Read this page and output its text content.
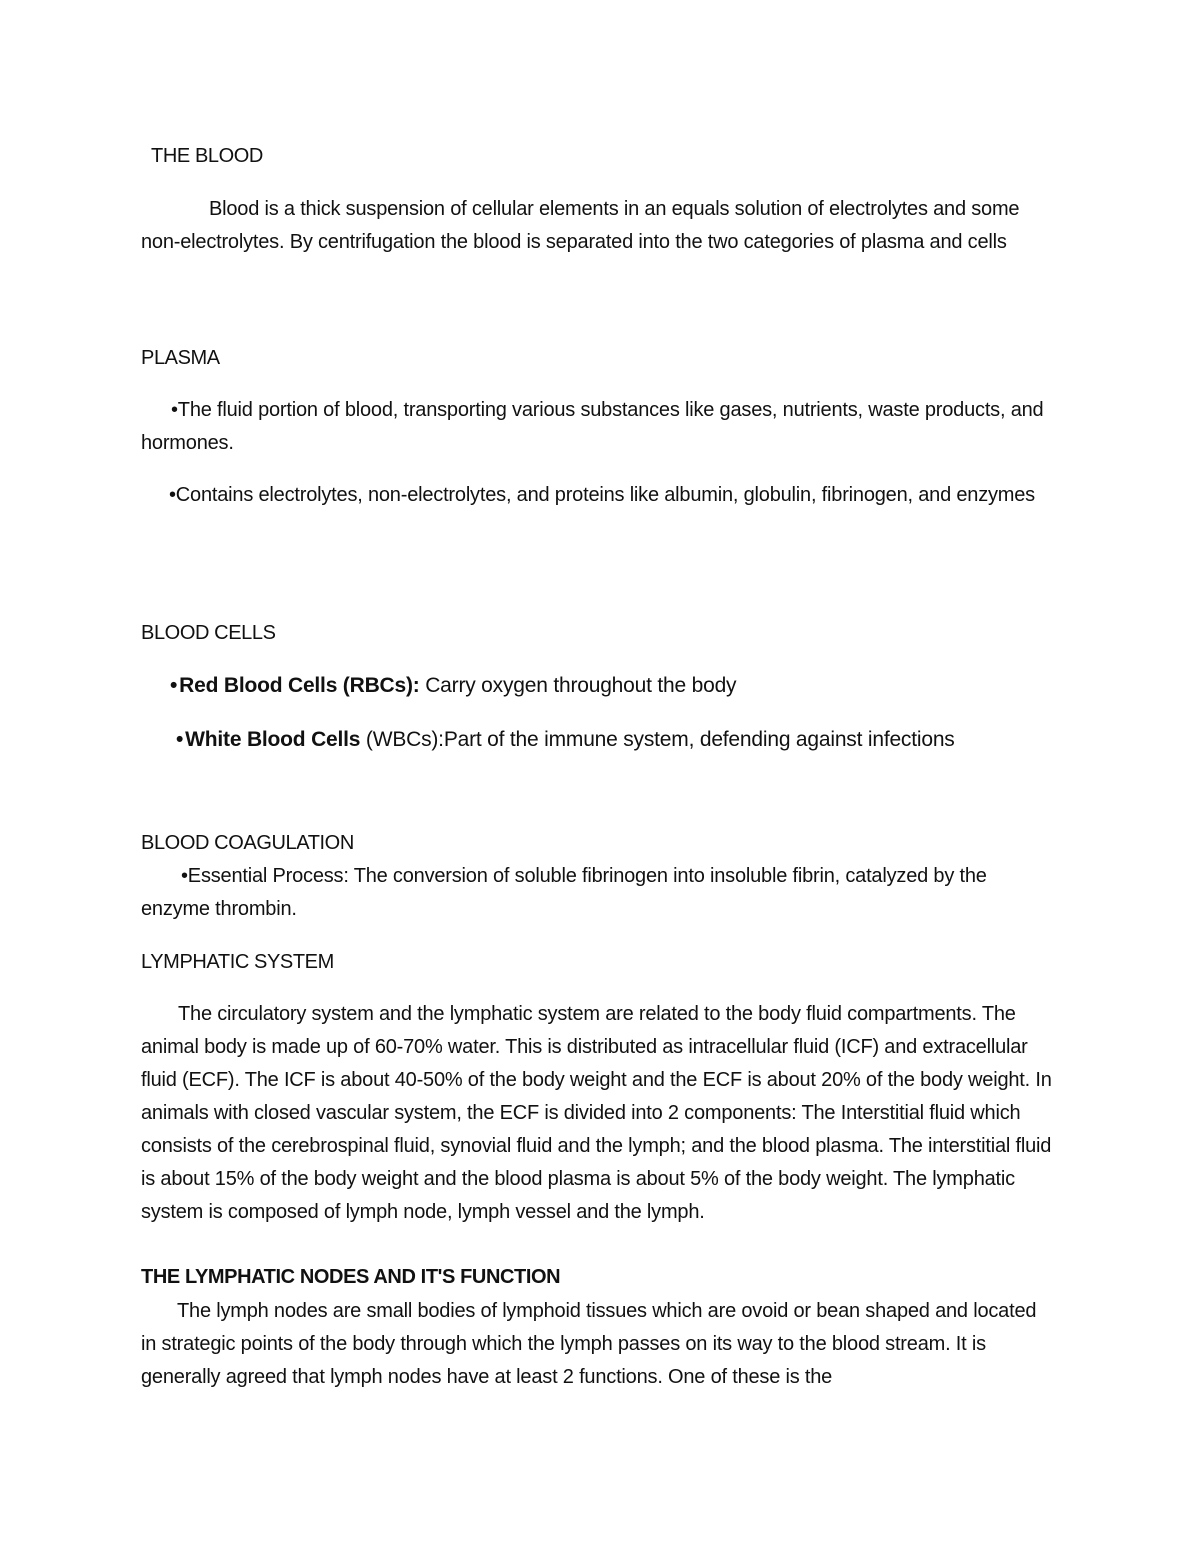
THE BLOOD

Blood is a thick suspension of cellular elements in an equals solution of electrolytes and some non-electrolytes. By centrifugation the blood is separated into the two categories of plasma and cells

PLASMA

•The fluid portion of blood, transporting various substances like gases, nutrients, waste products, and hormones.

•Contains electrolytes, non-electrolytes, and proteins like albumin, globulin, fibrinogen, and enzymes

BLOOD CELLS

•Red Blood Cells (RBCs): Carry oxygen throughout the body

•White Blood Cells (WBCs):Part of the immune system, defending against infections

BLOOD COAGULATION

•Essential Process: The conversion of soluble fibrinogen into insoluble fibrin, catalyzed by the enzyme thrombin.

LYMPHATIC SYSTEM

The circulatory system and the lymphatic system are related to the body fluid compartments. The animal body is made up of 60-70% water. This is distributed as intracellular fluid (ICF) and extracellular fluid (ECF). The ICF is about 40-50% of the body weight and the ECF is about 20% of the body weight. In animals with closed vascular system, the ECF is divided into 2 components: The Interstitial fluid which consists of the cerebrospinal fluid, synovial fluid and the lymph; and the blood plasma. The interstitial fluid is about 15% of the body weight and the blood plasma is about 5% of the body weight. The lymphatic system is composed of lymph node, lymph vessel and the lymph.

THE LYMPHATIC NODES AND IT'S FUNCTION

The lymph nodes are small bodies of lymphoid tissues which are ovoid or bean shaped and located in strategic points of the body through which the lymph passes on its way to the blood stream. It is generally agreed that lymph nodes have at least 2 functions. One of these is the
